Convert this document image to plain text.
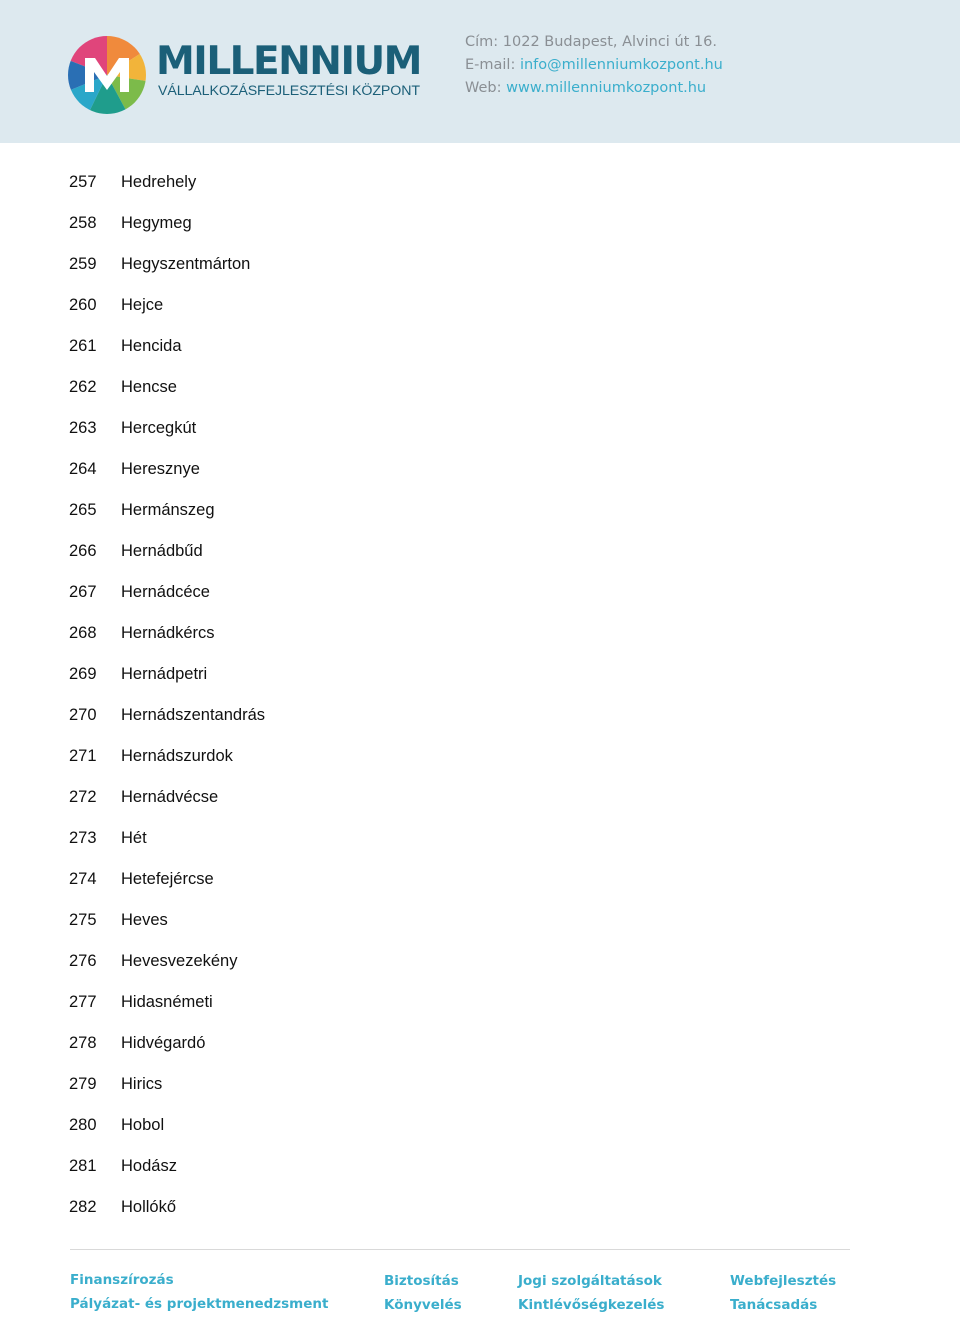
MILLENNIUM
VÁLLALKOZÁSFEJLESZTÉSI KÖZPONT
Cím: 1022 Budapest, Alvinci út 16.
E-mail: info@millenniumkozpont.hu
Web: www.millenniumkozpont.hu
257	Hedrehely
258	Hegymeg
259	Hegyszentmárton
260	Hejce
261	Hencida
262	Hencse
263	Hercegkút
264	Heresznye
265	Hermánszeg
266	Hernádbűd
267	Hernádcéce
268	Hernádkércs
269	Hernádpetri
270	Hernádszentandrás
271	Hernádszurdok
272	Hernádvécse
273	Hét
274	Hetefejércse
275	Heves
276	Hevesvezekény
277	Hidasnémeti
278	Hidvégardó
279	Hirics
280	Hobol
281	Hodász
282	Hollókő
Finanszírozás
Pályázat- és projektmenedzsment
Biztosítás
Könyvelés
Jogi szolgáltatások
Kintlévőségkezelés
Webfejlesztés
Tanácsadás
